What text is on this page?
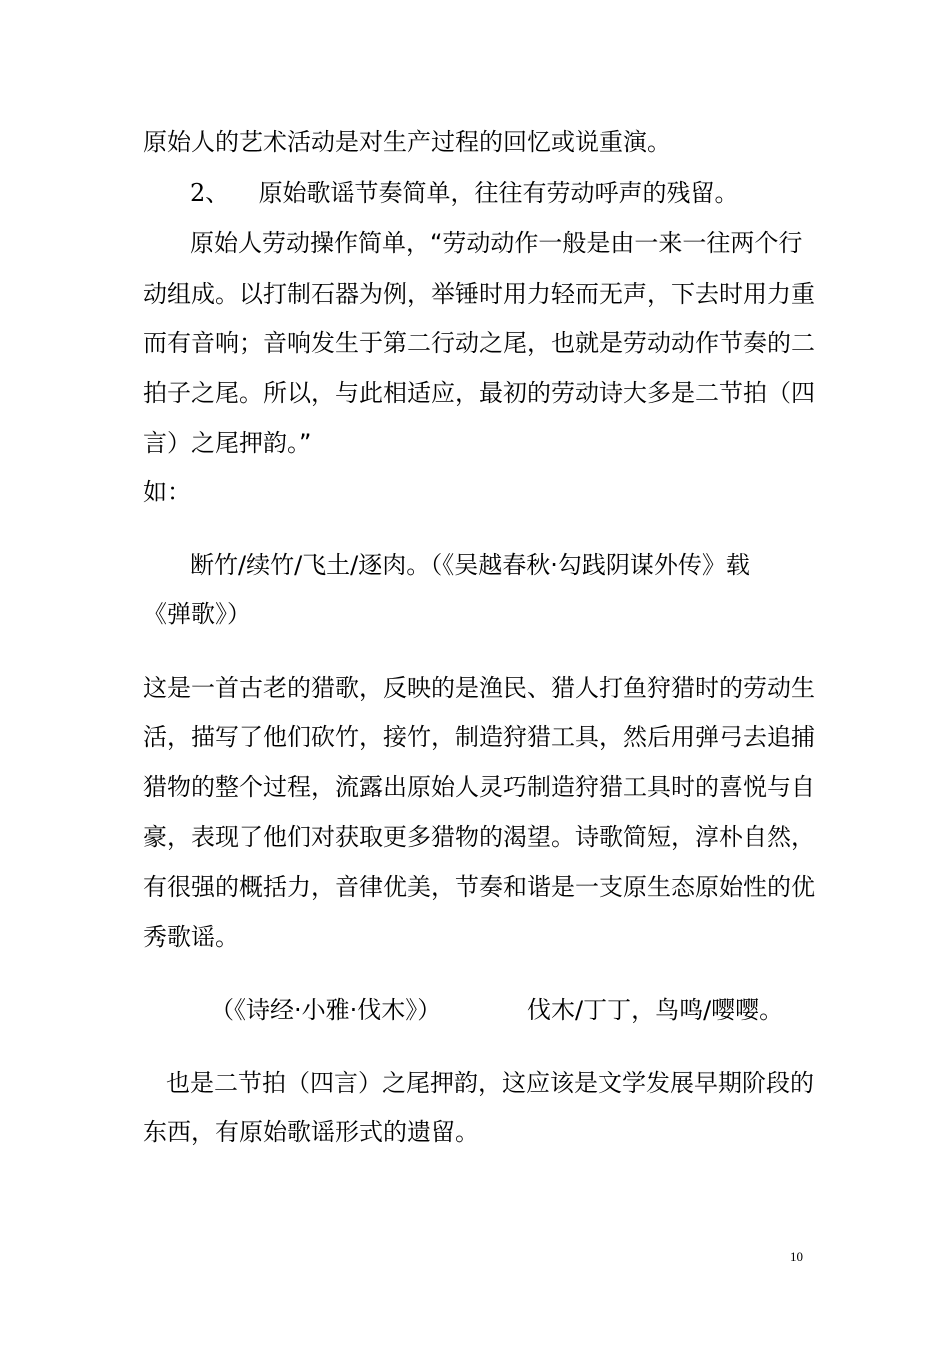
原始人的艺术活动是对生产过程的回忆或说重演。
2、 原始歌谣节奏简单，往往有劳动呼声的残留。
原始人劳动操作简单，“劳动动作一般是由一来一往两个行
动组成。以打制石器为例，举锤时用力轻而无声，下去时用力重
而有音响；音响发生于第二行动之尾，也就是劳动动作节奏的二
拍子之尾。所以，与此相适应，最初的劳动诗大多是二节拍（四
言）之尾押韵。”
如：
断竹/续竹/飞土/逐肉。（《吴越春秋·勾践阴谋外传》载
《弹歌》）
这是一首古老的猎歌，反映的是渔民、猎人打鱼狩猎时的劳动生
活，描写了他们砍竹，接竹，制造狩猎工具，然后用弹弓去追捕
猎物的整个过程，流露出原始人灵巧制造狩猎工具时的喜悦与自
豪，表现了他们对获取更多猎物的渴望。诗歌简短，淳朴自然，
有很强的概括力，音律优美，节奏和谐是一支原生态原始性的优
秀歌谣。
（《诗经·小雅·伐木》）	伐木/丁丁，鸟鸣/嘤嘤。
也是二节拍（四言）之尾押韵，这应该是文学发展早期阶段的
东西，有原始歌谣形式的遗留。
10
